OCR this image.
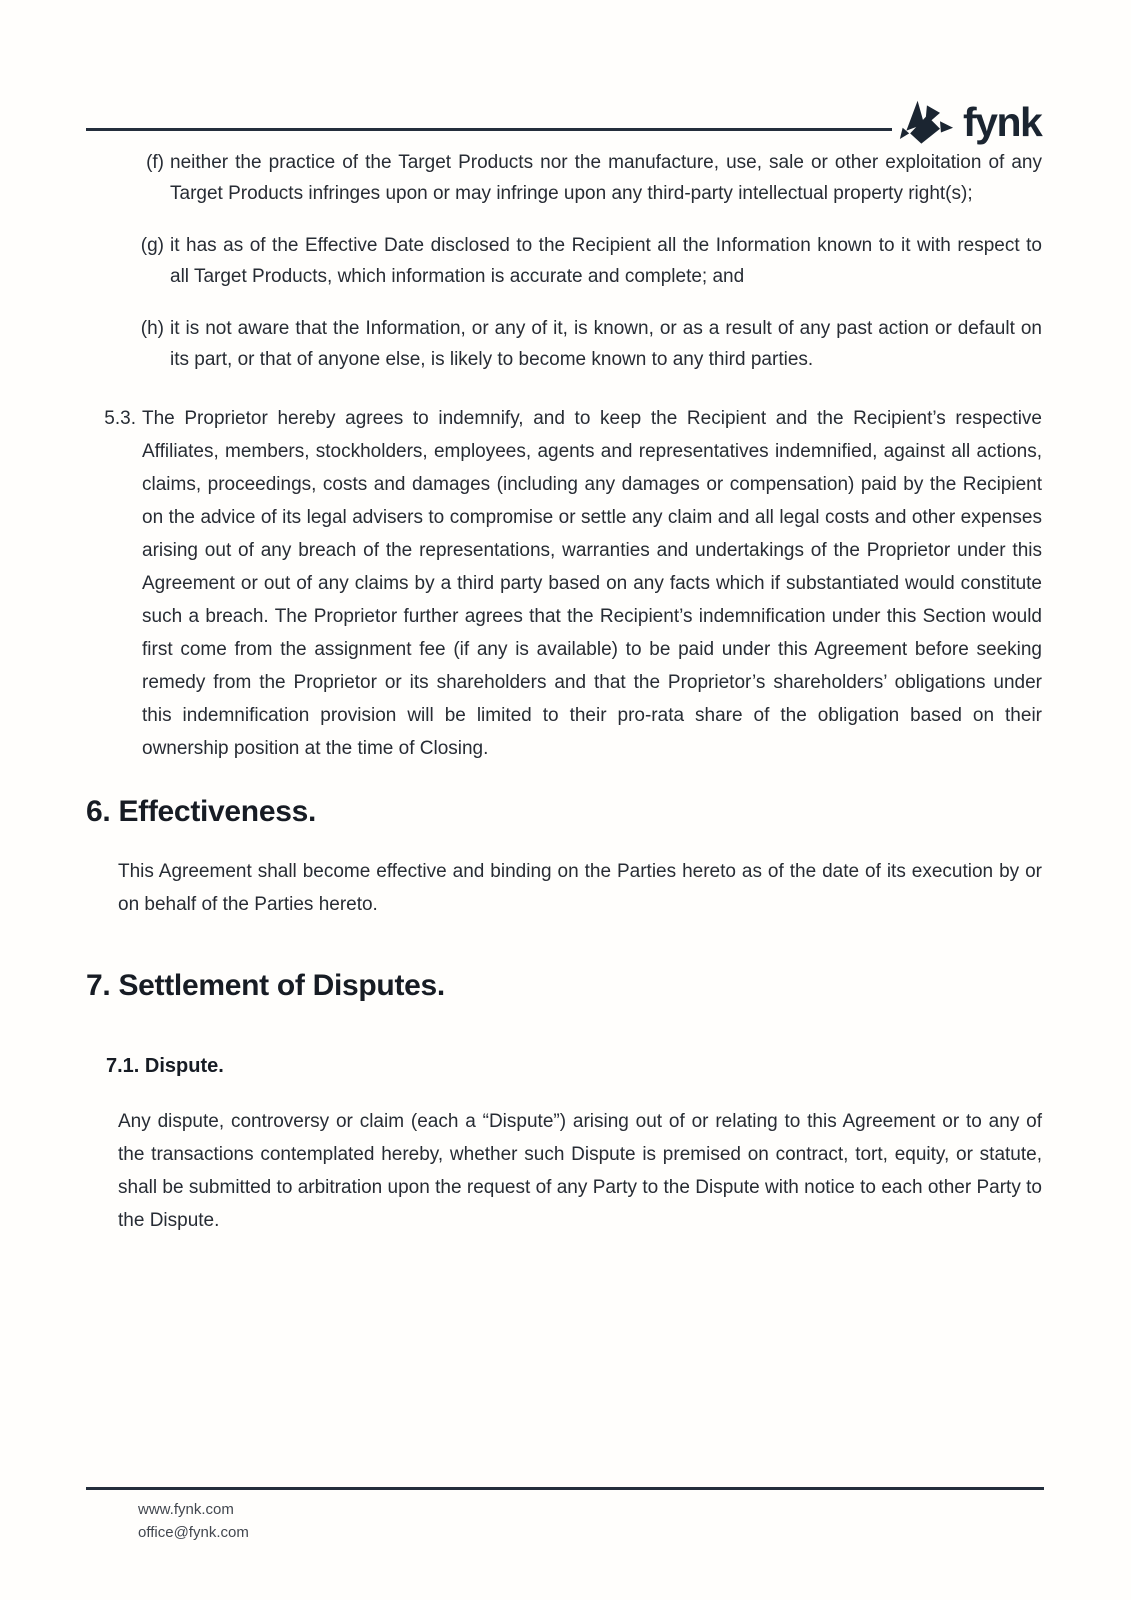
fynk
(f) neither the practice of the Target Products nor the manufacture, use, sale or other exploitation of any Target Products infringes upon or may infringe upon any third-party intellectual property right(s);
(g) it has as of the Effective Date disclosed to the Recipient all the Information known to it with respect to all Target Products, which information is accurate and complete; and
(h) it is not aware that the Information, or any of it, is known, or as a result of any past action or default on its part, or that of anyone else, is likely to become known to any third parties.
5.3. The Proprietor hereby agrees to indemnify, and to keep the Recipient and the Recipient’s respective Affiliates, members, stockholders, employees, agents and representatives indemnified, against all actions, claims, proceedings, costs and damages (including any damages or compensation) paid by the Recipient on the advice of its legal advisers to compromise or settle any claim and all legal costs and other expenses arising out of any breach of the representations, warranties and undertakings of the Proprietor under this Agreement or out of any claims by a third party based on any facts which if substantiated would constitute such a breach. The Proprietor further agrees that the Recipient’s indemnification under this Section would first come from the assignment fee (if any is available) to be paid under this Agreement before seeking remedy from the Proprietor or its shareholders and that the Proprietor’s shareholders’ obligations under this indemnification provision will be limited to their pro-rata share of the obligation based on their ownership position at the time of Closing.
6. Effectiveness.

This Agreement shall become effective and binding on the Parties hereto as of the date of its execution by or on behalf of the Parties hereto.

7. Settlement of Disputes.
7.1. Dispute.

Any dispute, controversy or claim (each a “Dispute”) arising out of or relating to this Agreement or to any of the transactions contemplated hereby, whether such Dispute is premised on contract, tort, equity, or statute, shall be submitted to arbitration upon the request of any Party to the Dispute with notice to each other Party to the Dispute.

www.fynk.com
office@fynk.com
